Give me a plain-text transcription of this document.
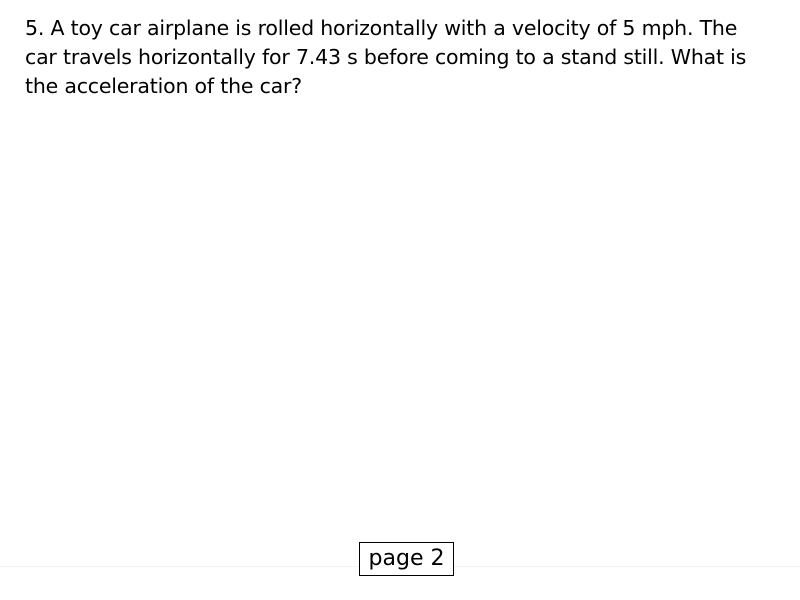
5. A toy car airplane is rolled horizontally with a velocity of 5 mph. The car travels horizontally for 7.43 s before coming to a stand still. What is the acceleration of the car?

page 2
